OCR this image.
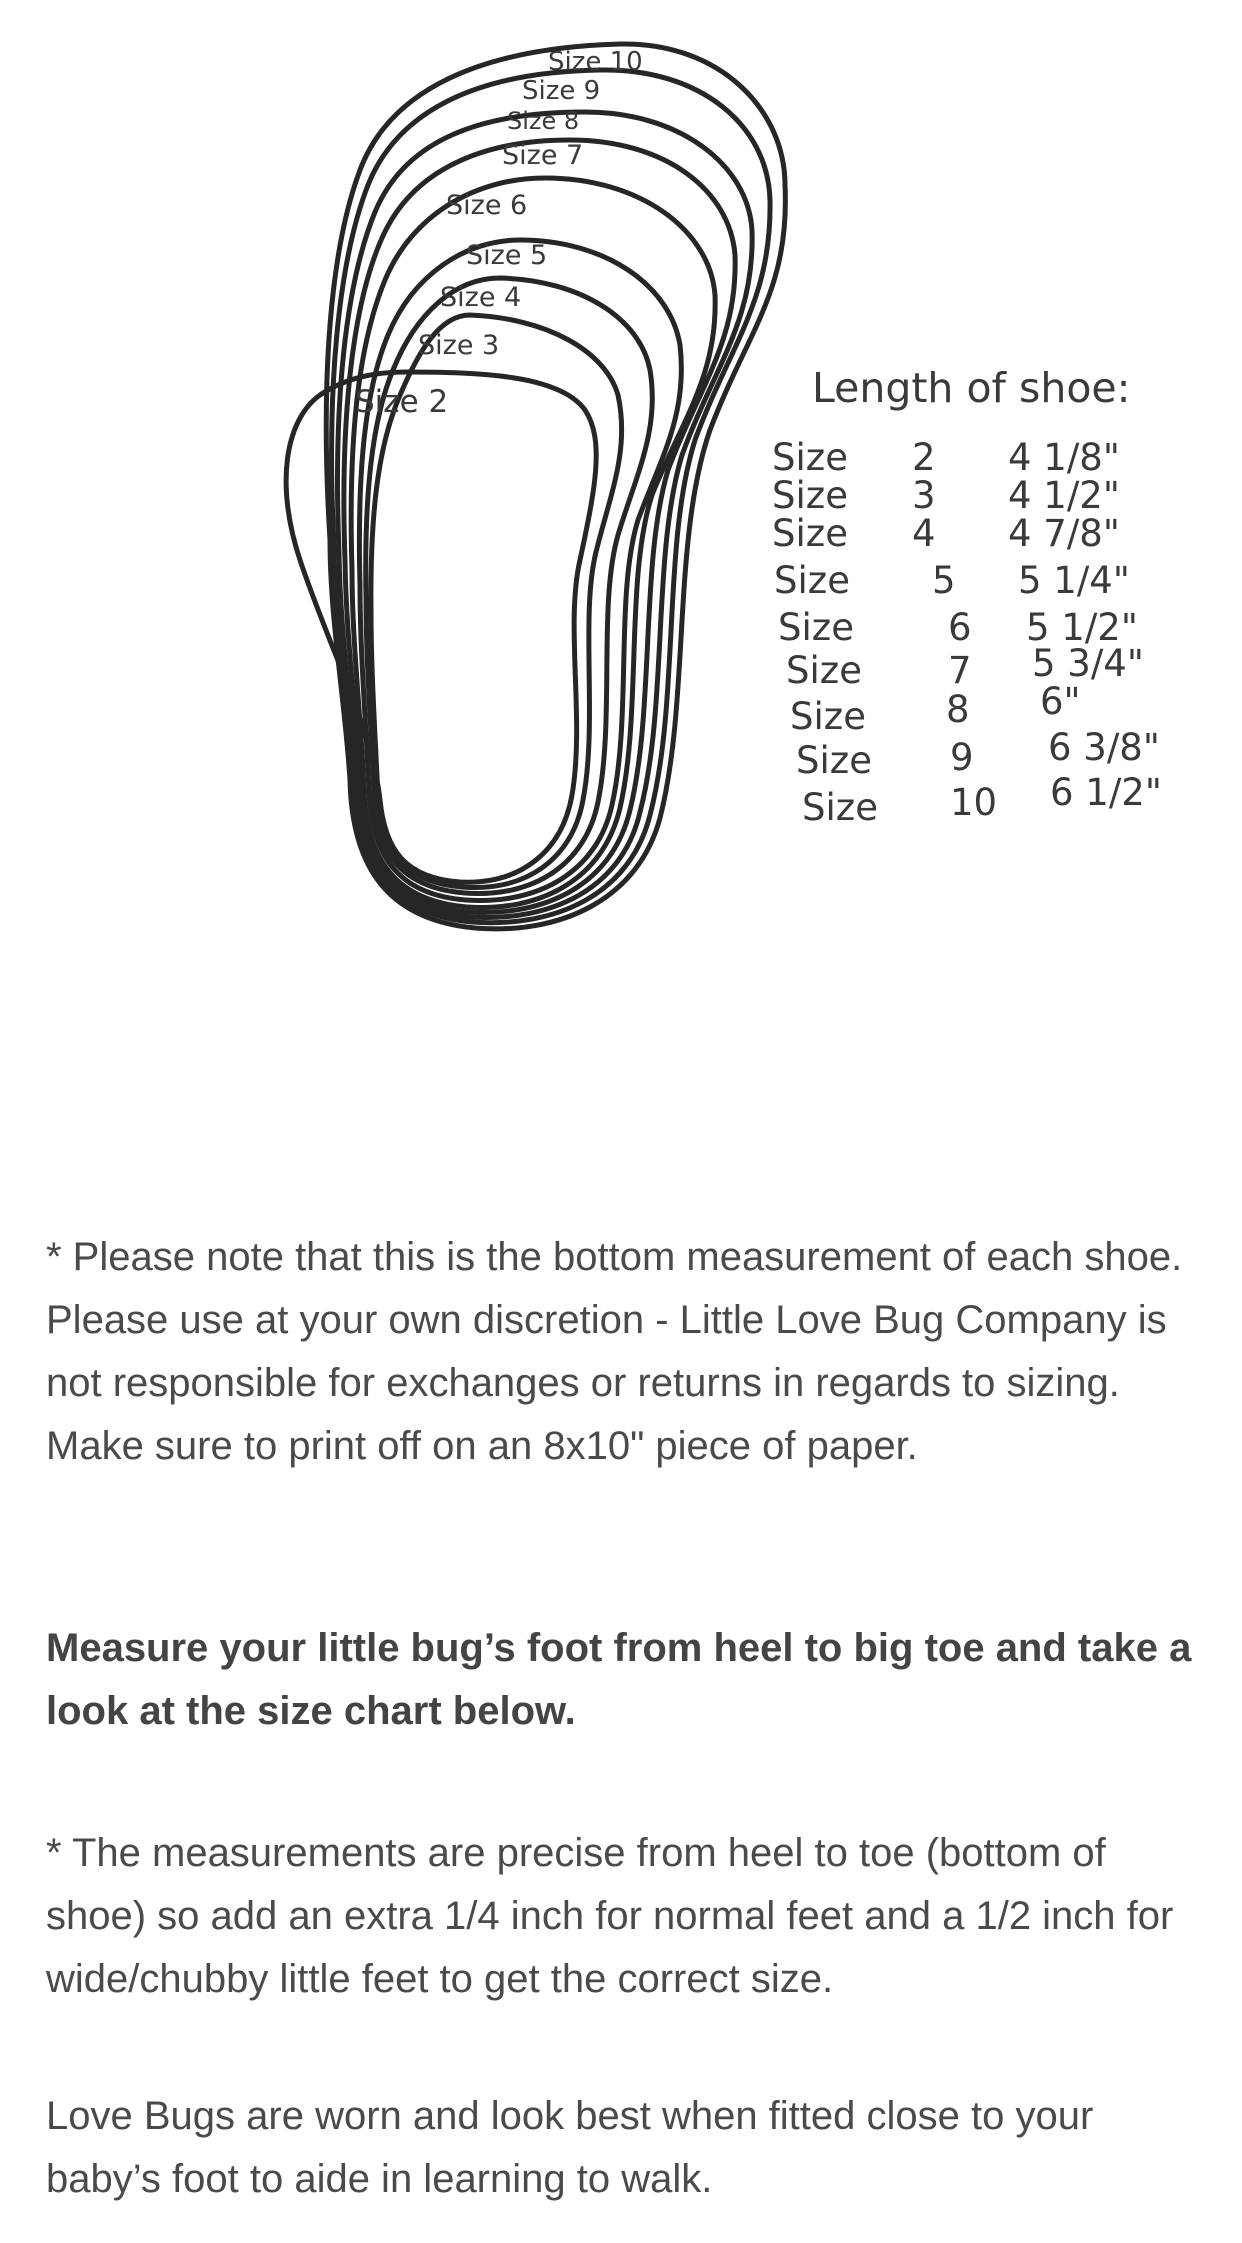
Size 10
Size 9
Size 8
Size 7
Size 6
Size 5
Size 4
Size 3
Size 2	Length of shoe:
Size 2 4 1/8"
Size 3 4 1/2"
Size 4 4 7/8"
Size 5 5 1/4"
Size	6 5 1/2"
Size 7 5 3/4"
Size 8 6"
Size 9 6 3/8"
Size 10 6 1/2"

* Please note that this is the bottom measurement of each shoe. Please use at your own discretion - Little Love Bug Company is not responsible for exchanges or returns in regards to sizing. Make sure to print off on an 8x10" piece of paper.

Measure your little bug’s foot from heel to big toe and take a look at the size chart below.

* The measurements are precise from heel to toe (bottom of shoe) so add an extra 1/4 inch for normal feet and a 1/2 inch for wide/chubby little feet to get the correct size.

Love Bugs are worn and look best when fitted close to your baby’s foot to aide in learning to walk.
